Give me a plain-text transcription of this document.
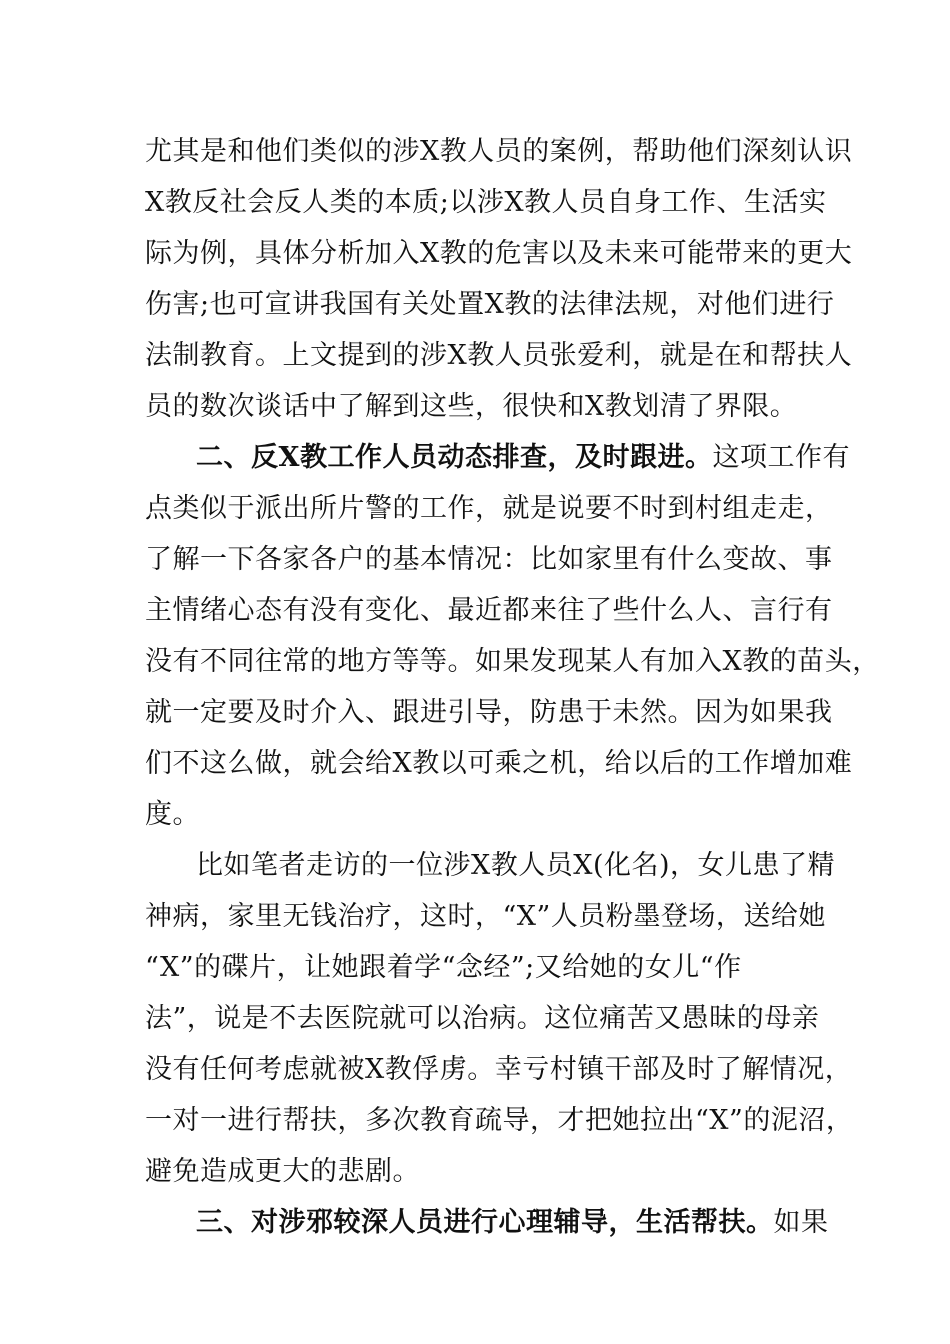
尤其是和他们类似的涉X教人员的案例，帮助他们深刻认识
X教反社会反人类的本质;以涉X教人员自身工作、生活实
际为例，具体分析加入X教的危害以及未来可能带来的更大
伤害;也可宣讲我国有关处置X教的法律法规，对他们进行
法制教育。上文提到的涉X教人员张爱利，就是在和帮扶人
员的数次谈话中了解到这些，很快和X教划清了界限。
二、反X教工作人员动态排查，及时跟进。这项工作有
点类似于派出所片警的工作，就是说要不时到村组走走，
了解一下各家各户的基本情况：比如家里有什么变故、事
主情绪心态有没有变化、最近都来往了些什么人、言行有
没有不同往常的地方等等。如果发现某人有加入X教的苗头，
就一定要及时介入、跟进引导，防患于未然。因为如果我
们不这么做，就会给X教以可乘之机，给以后的工作增加难
度。
比如笔者走访的一位涉X教人员X(化名)，女儿患了精
神病，家里无钱治疗，这时，“X”人员粉墨登场，送给她
“X”的碟片，让她跟着学“念经”;又给她的女儿“作
法”，说是不去医院就可以治病。这位痛苦又愚昧的母亲
没有任何考虑就被X教俘虏。幸亏村镇干部及时了解情况，
一对一进行帮扶，多次教育疏导，才把她拉出“X”的泥沼，
避免造成更大的悲剧。
三、对涉邪较深人员进行心理辅导，生活帮扶。如果
